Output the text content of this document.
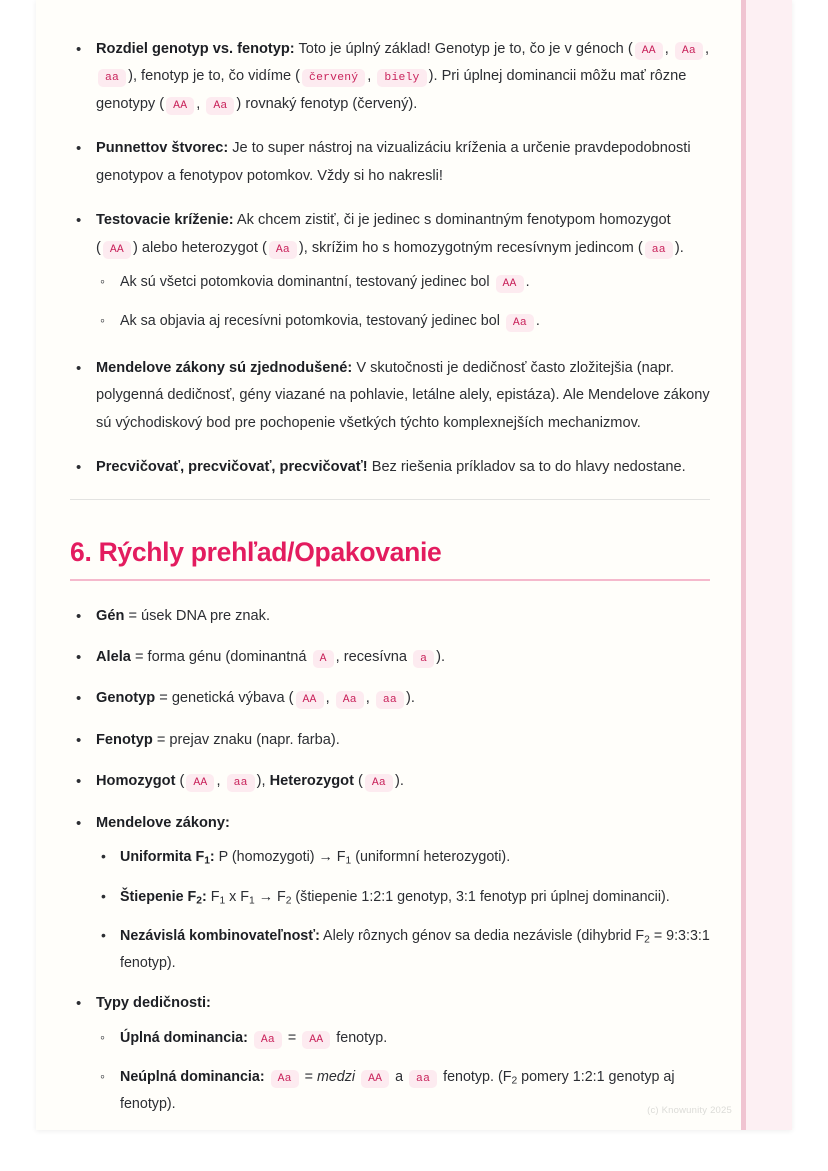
• Rozdiel genotyp vs. fenotyp: Toto je úplný základ! Genotyp je to, čo je v génoch ( AA , Aa , aa ), fenotyp je to, čo vidíme ( červený , biely ). Pri úplnej dominancii môžu mať rôzne genotypy ( AA , Aa ) rovnaký fenotyp (červený).
• Punnettov štvorec: Je to super nástroj na vizualizáciu kríženia a určenie pravdepodobnosti genotypov a fenotypov potomkov. Vždy si ho nakresli!
• Testovacie kríženie: Ak chcem zistiť, či je jedinec s dominantným fenotypom homozygot ( AA ) alebo heterozygot ( Aa ), skrížim ho s homozygotným recesívnym jedincom ( aa ).
◦ Ak sú všetci potomkovia dominantní, testovaný jedinec bol AA .
◦ Ak sa objavia aj recesívni potomkovia, testovaný jedinec bol Aa .
• Mendelove zákony sú zjednodušené: V skutočnosti je dedičnosť často zložitejšia (napr. polygenná dedičnosť, gény viazané na pohlavie, letálne alely, epistáza). Ale Mendelove zákony sú východiskový bod pre pochopenie všetkých týchto komplexnejších mechanizmov.
• Precvičovať, precvičovať, precvičovať! Bez riešenia príkladov sa to do hlavy nedostane.
6. Rýchly prehľad/Opakovanie
• Gén = úsek DNA pre znak.
• Alela = forma génu (dominantná A , recesívna a ).
• Genotyp = genetická výbava ( AA , Aa , aa ).
• Fenotyp = prejav znaku (napr. farba).
• Homozygot ( AA , aa ), Heterozygot ( Aa ).
• Mendelove zákony:
• Uniformita $F_1$: P (homozygoti) → $F_1$ (uniformní heterozygoti).
• Štiepenie $F_2$: $F_1$ x $F_1 \to F_2$ (štiepenie 1:2:1 genotyp, 3:1 fenotyp pri úplnej dominancii).
• Nezávislá kombinovateľnosť: Alely rôznych génov sa dedia nezávisle (dihybrid $F_2$ = 9:3:3:1 fenotyp).
• Typy dedičnosti:
◦ Úplná dominancia: Aa = AA fenotyp.
◦ Neúplná dominancia: Aa = medzi AA a aa fenotyp. ($F_2$ pomery 1:2:1 genotyp aj fenotyp).	(c) Knowunity 2025
